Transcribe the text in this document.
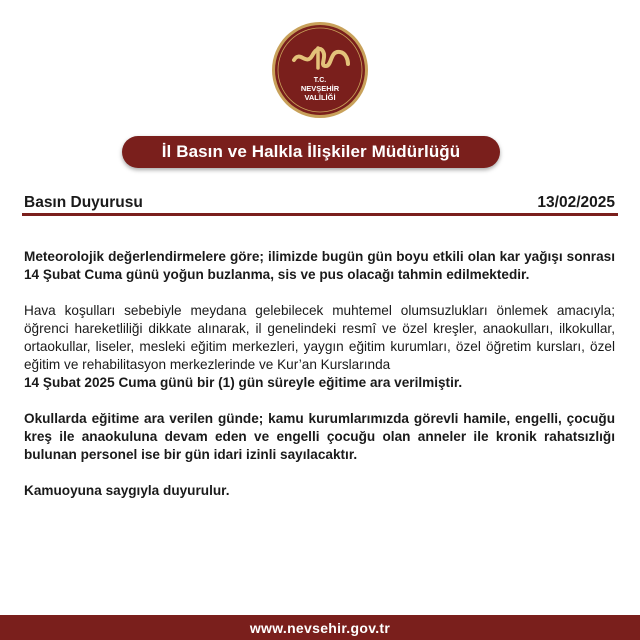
T.C.
NEVŞEHİR
VALİLİĞİ
İl Basın ve Halkla İlişkiler Müdürlüğü
Basın Duyurusu	13/02/2025

Meteorolojik değerlendirmelere göre; ilimizde bugün gün boyu etkili olan kar yağışı sonrası 14 Şubat Cuma günü yoğun buzlanma, sis ve pus olacağı tahmin edilmektedir.

Hava koşulları sebebiyle meydana gelebilecek muhtemel olumsuzlukları önlemek amacıyla; öğrenci hareketliliği dikkate alınarak, il genelindeki resmî ve özel kreşler, anaokulları, ilkokullar, ortaokullar, liseler, mesleki eğitim merkezleri, yaygın eğitim kurumları, özel öğretim kursları, özel eğitim ve rehabilitasyon merkezlerinde ve Kur’an Kurslarında

14 Şubat 2025 Cuma günü bir (1) gün süreyle eğitime ara verilmiştir.

Okullarda eğitime ara verilen günde; kamu kurumlarımızda görevli hamile, engelli, çocuğu kreş ile anaokuluna devam eden ve engelli çocuğu olan anneler ile kronik rahatsızlığı bulunan personel ise bir gün idari izinli sayılacaktır.

Kamuoyuna saygıyla duyurulur.

www.nevsehir.gov.tr
